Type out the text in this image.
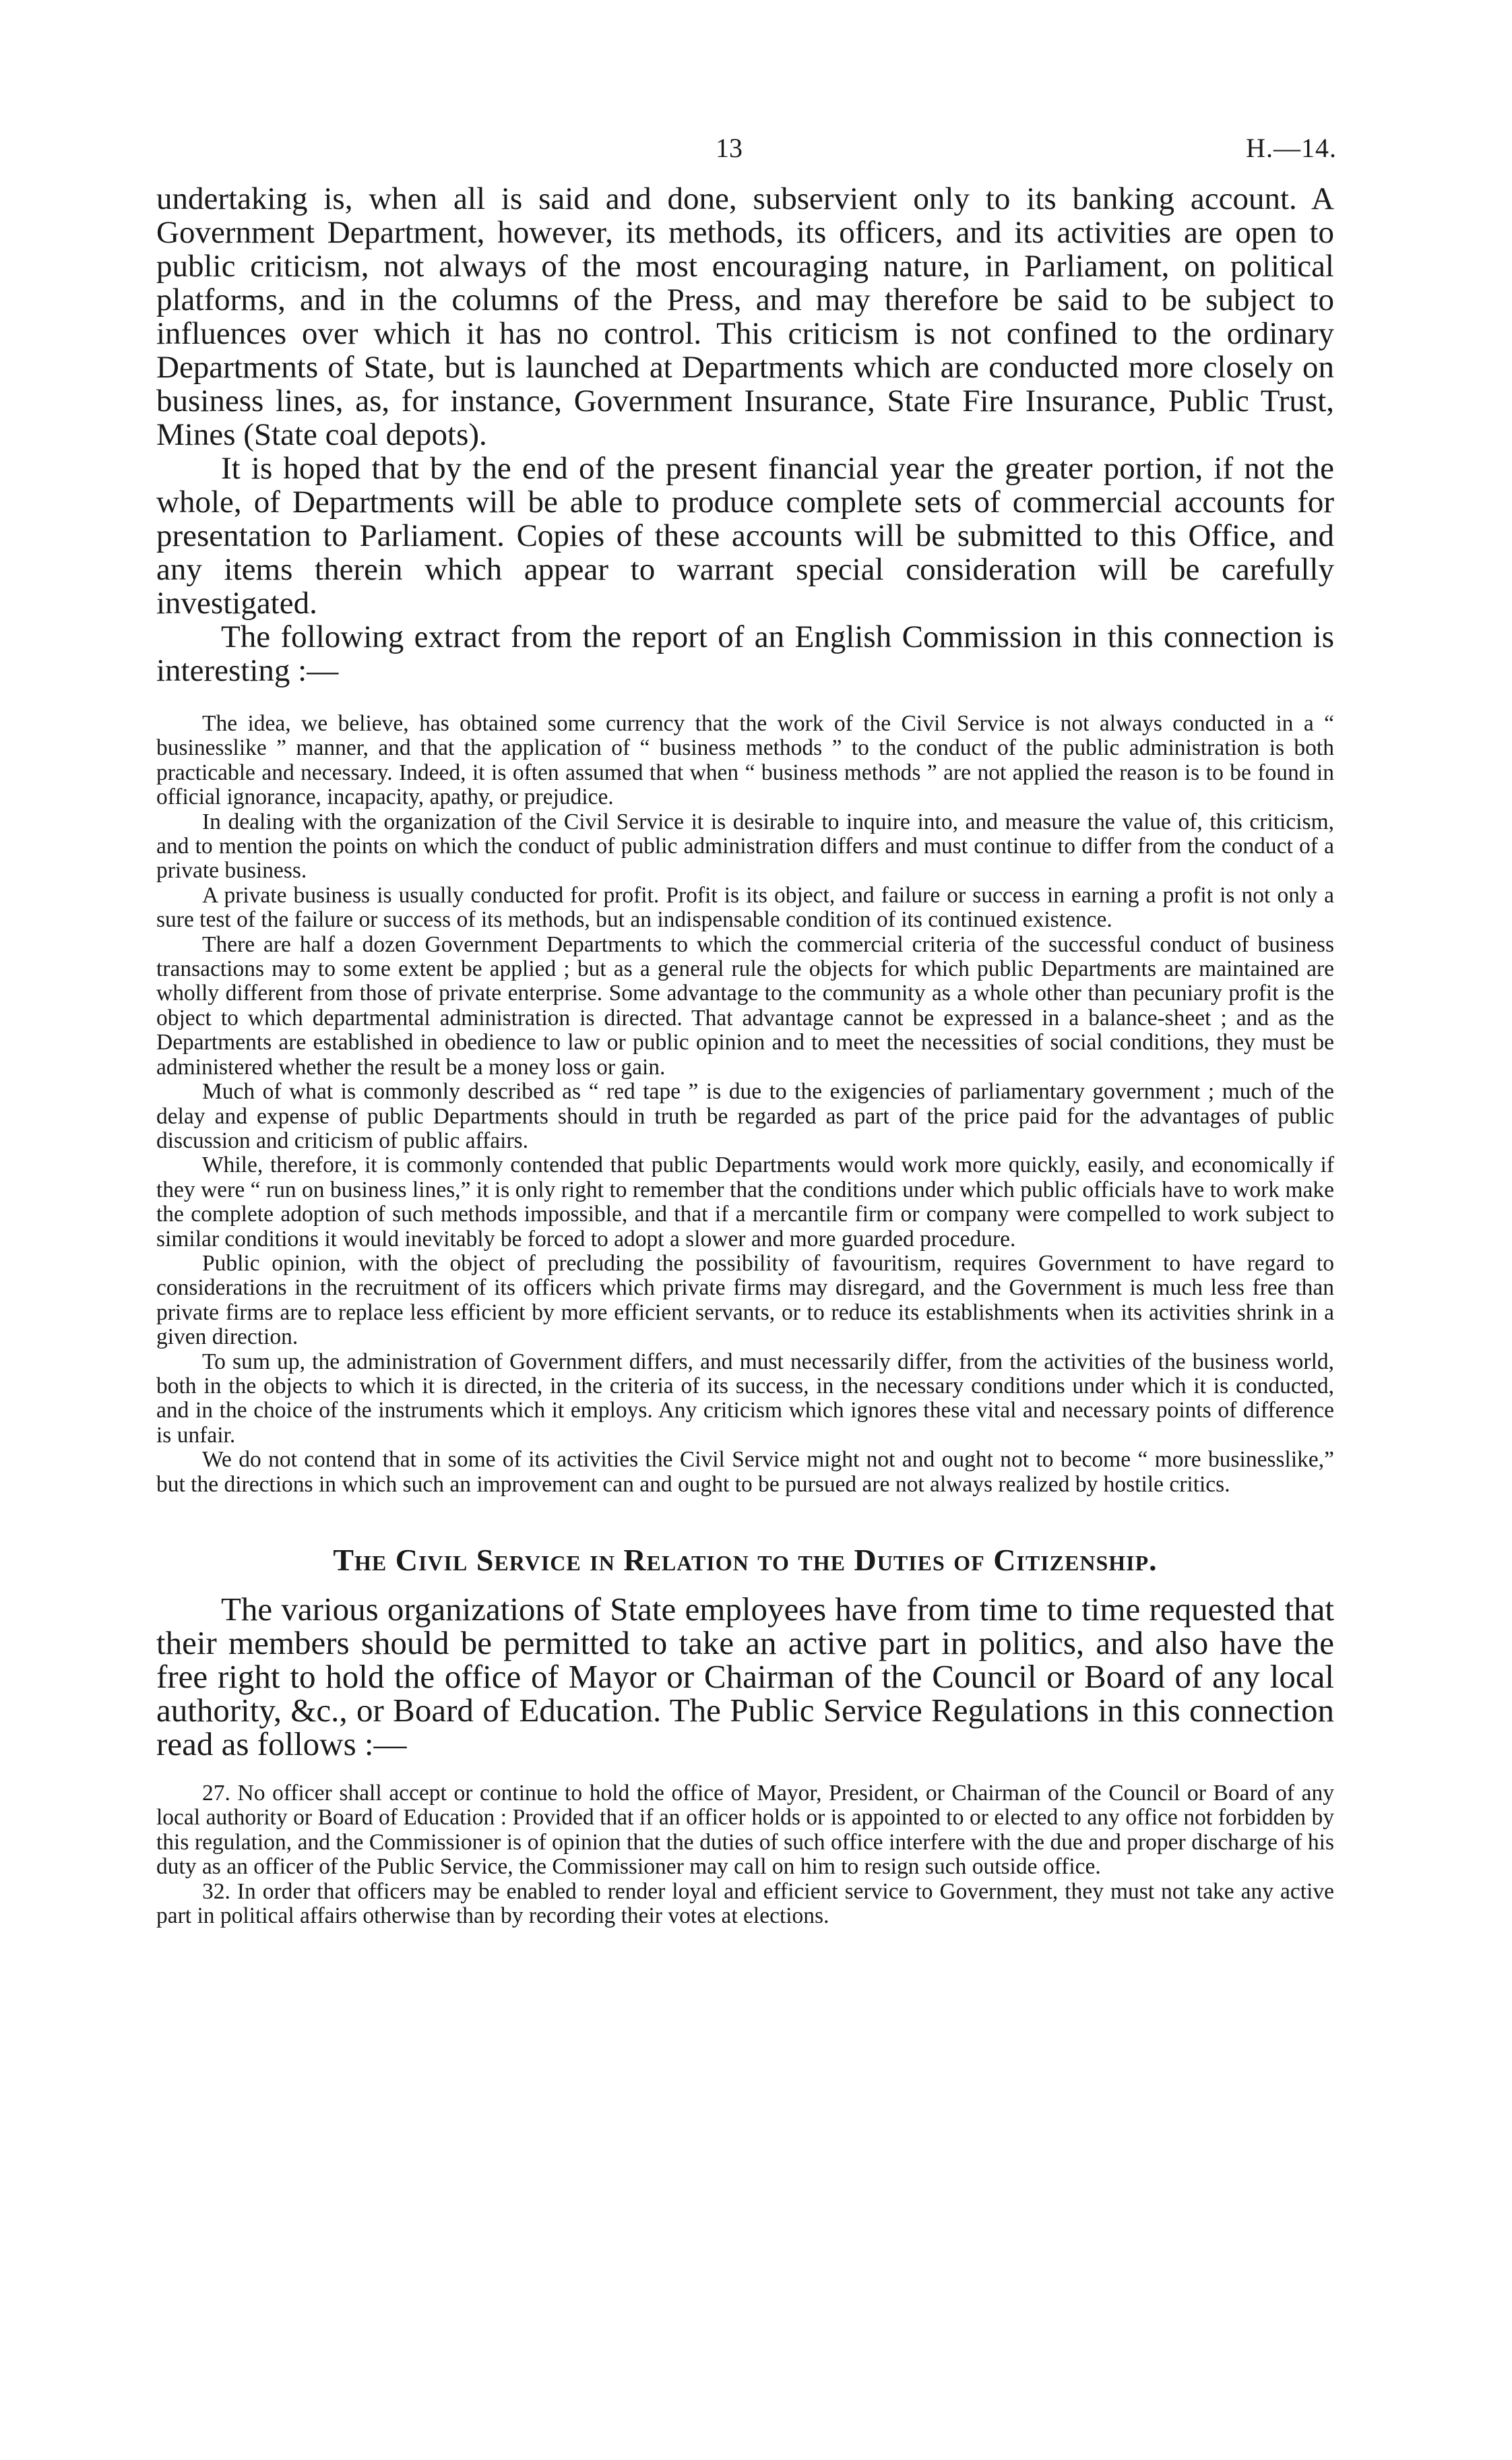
13	H.—14.

undertaking is, when all is said and done, subservient only to its banking account. A Government Department, however, its methods, its officers, and its activities are open to public criticism, not always of the most encouraging nature, in Parliament, on political platforms, and in the columns of the Press, and may therefore be said to be subject to influences over which it has no control. This criticism is not confined to the ordinary Departments of State, but is launched at Departments which are conducted more closely on business lines, as, for instance, Government Insurance, State Fire Insurance, Public Trust, Mines (State coal depots).

It is hoped that by the end of the present financial year the greater portion, if not the whole, of Departments will be able to produce complete sets of commercial accounts for presentation to Parliament. Copies of these accounts will be submitted to this Office, and any items therein which appear to warrant special consideration will be carefully investigated.

The following extract from the report of an English Commission in this connection is interesting :—

The idea, we believe, has obtained some currency that the work of the Civil Service is not always conducted in a “ businesslike ” manner, and that the application of “ business methods ” to the conduct of the public administration is both practicable and necessary. Indeed, it is often assumed that when “ business methods ” are not applied the reason is to be found in official ignorance, incapacity, apathy, or prejudice.

In dealing with the organization of the Civil Service it is desirable to inquire into, and measure the value of, this criticism, and to mention the points on which the conduct of public administration differs and must continue to differ from the conduct of a private business.

A private business is usually conducted for profit. Profit is its object, and failure or success in earning a profit is not only a sure test of the failure or success of its methods, but an indispensable condition of its continued existence.

There are half a dozen Government Departments to which the commercial criteria of the successful conduct of business transactions may to some extent be applied ; but as a general rule the objects for which public Departments are maintained are wholly different from those of private enterprise. Some advantage to the community as a whole other than pecuniary profit is the object to which departmental administration is directed. That advantage cannot be expressed in a balance-sheet ; and as the Departments are established in obedience to law or public opinion and to meet the necessities of social conditions, they must be administered whether the result be a money loss or gain.

Much of what is commonly described as “ red tape ” is due to the exigencies of parliamentary government ; much of the delay and expense of public Departments should in truth be regarded as part of the price paid for the advantages of public discussion and criticism of public affairs.

While, therefore, it is commonly contended that public Departments would work more quickly, easily, and economically if they were “ run on business lines,” it is only right to remember that the conditions under which public officials have to work make the complete adoption of such methods impossible, and that if a mercantile firm or company were compelled to work subject to similar conditions it would inevitably be forced to adopt a slower and more guarded procedure.

Public opinion, with the object of precluding the possibility of favouritism, requires Government to have regard to considerations in the recruitment of its officers which private firms may disregard, and the Government is much less free than private firms are to replace less efficient by more efficient servants, or to reduce its establishments when its activities shrink in a given direction.

To sum up, the administration of Government differs, and must necessarily differ, from the activities of the business world, both in the objects to which it is directed, in the criteria of its success, in the necessary conditions under which it is conducted, and in the choice of the instruments which it employs. Any criticism which ignores these vital and necessary points of difference is unfair.

We do not contend that in some of its activities the Civil Service might not and ought not to become “ more businesslike,” but the directions in which such an improvement can and ought to be pursued are not always realized by hostile critics.

The Civil Service in Relation to the Duties of Citizenship.

The various organizations of State employees have from time to time requested that their members should be permitted to take an active part in politics, and also have the free right to hold the office of Mayor or Chairman of the Council or Board of any local authority, &c., or Board of Education. The Public Service Regulations in this connection read as follows :—

27. No officer shall accept or continue to hold the office of Mayor, President, or Chairman of the Council or Board of any local authority or Board of Education : Provided that if an officer holds or is appointed to or elected to any office not forbidden by this regulation, and the Commissioner is of opinion that the duties of such office interfere with the due and proper discharge of his duty as an officer of the Public Service, the Commissioner may call on him to resign such outside office.

32. In order that officers may be enabled to render loyal and efficient service to Government, they must not take any active part in political affairs otherwise than by recording their votes at elections.
